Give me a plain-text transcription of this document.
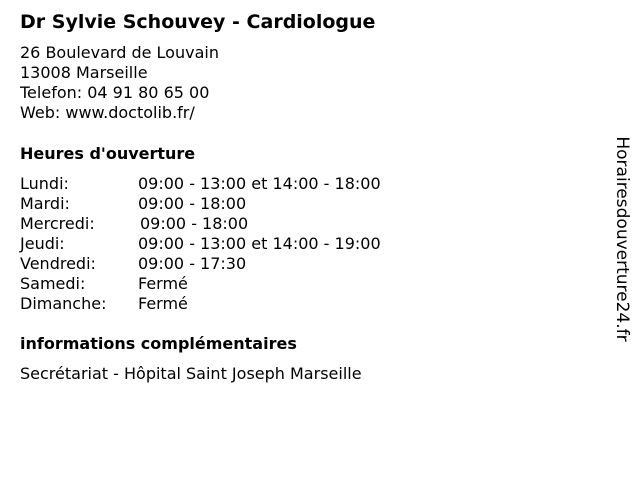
Dr Sylvie Schouvey - Cardiologue
26 Boulevard de Louvain
13008 Marseille
Telefon: 04 91 80 65 00
Web: www.doctolib.fr/
Heures d'ouverture
Lundi:	09:00 - 13:00 et 14:00 - 18:00
Mardi:	09:00 - 18:00
Mercredi:	09:00 - 18:00
Jeudi:	09:00 - 13:00 et 14:00 - 19:00
Vendredi:	09:00 - 17:30
Samedi:	Fermé
Dimanche: Fermé
informations complémentaires
Secrétariat - Hôpital Saint Joseph Marseille
Horairesdouverture24.fr
